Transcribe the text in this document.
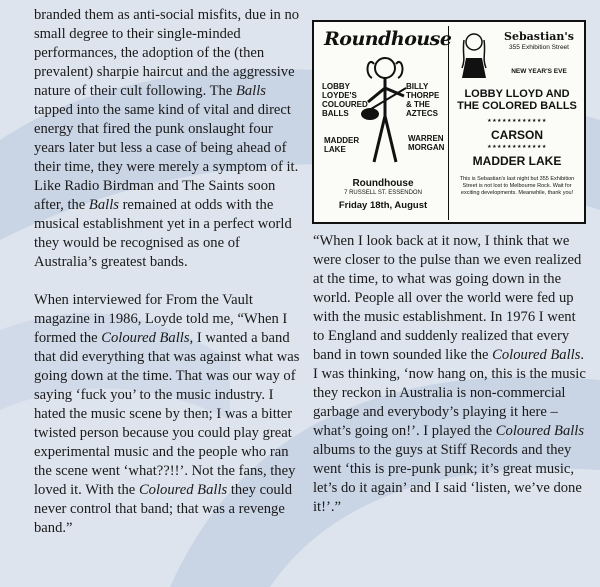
branded them as anti-social misfits, due in no small degree to their single-minded performances, the adoption of the (then prevalent) sharpie haircut and the aggressive nature of their cult following. The Balls tapped into the same kind of vital and direct energy that fired the punk onslaught four years later but less a case of being ahead of their time, they were merely a symptom of it. Like Radio Birdman and The Saints soon after, the Balls remained at odds with the musical establishment yet in a perfect world they would be recognised as one of Australia’s greatest bands.

When interviewed for From the Vault magazine in 1986, Loyde told me, “When I formed the Coloured Balls, I wanted a band that did everything that was against what was going down at the time. That was our way of saying ‘fuck you’ to the music industry. I hated the music scene by then; I was a bitter twisted person because you could play great experimental music and the people who ran the scene went ‘what??!!’. Not the fans, they loved it. With the Coloured Balls they could never control that band; that was a revenge band.”

Roundhouse
LOBBY LOYDE'S COLOURED BALLS
MADDER LAKE
BILLY THORPE & THE AZTECS
WARREN MORGAN
Roundhouse
7 RUSSELL ST. ESSENDON
Friday 18th, August
Sebastian's
355 Exhibition Street
NEW YEAR'S EVE
LOBBY LLOYD AND THE COLORED BALLS
★★★★★★★★★★★★
CARSON
★★★★★★★★★★★★
MADDER LAKE
This is Sebastian's last night but 355 Exhibition Street is not lost to Melbourne Rock. Wait for exciting developments. Meanwhile, thank you!

“When I look back at it now, I think that we were closer to the pulse than we even realized at the time, to what was going down in the world. People all over the world were fed up with the music establishment. In 1976 I went to England and suddenly realized that every band in town sounded like the Coloured Balls. I was thinking, ‘now hang on, this is the music they reckon in Australia is non-commercial garbage and everybody’s playing it here – what’s going on!’. I played the Coloured Balls albums to the guys at Stiff Records and they went ‘this is pre-punk punk; it’s great music, let’s do it again’ and I said ‘listen, we’ve done it!’.”
